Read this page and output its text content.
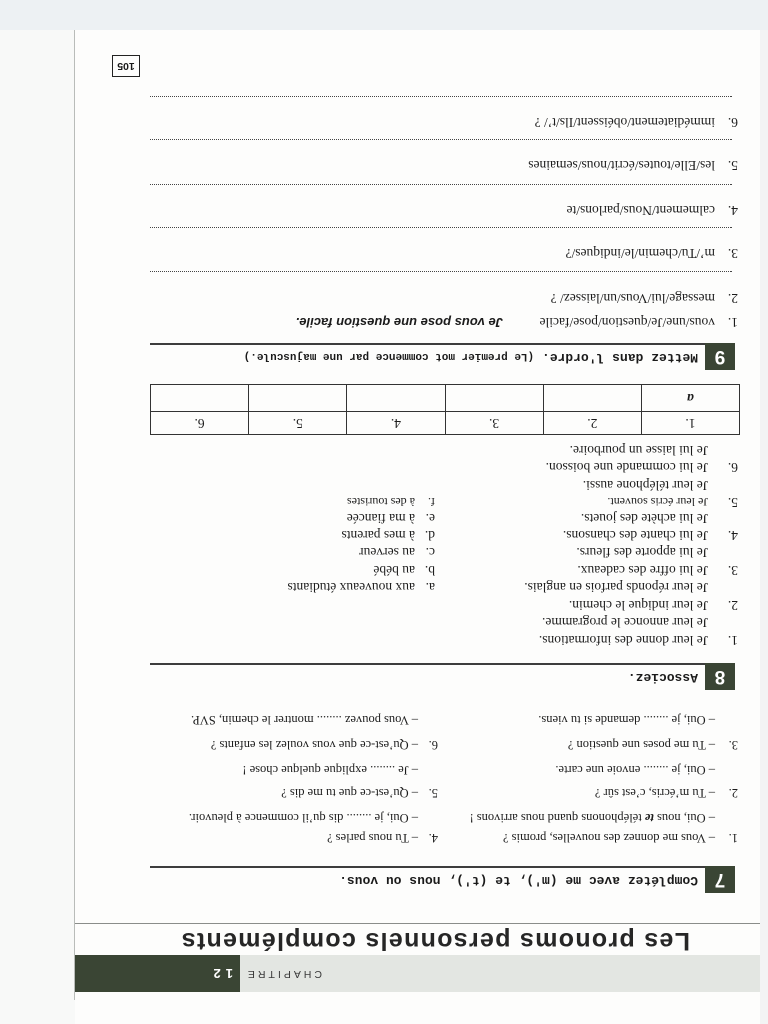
CHAPITRE
12
Les pronoms personnels compléments
7
Complétez avec me (m'), te (t'), nous ou vous.
1.
– Vous me donnez des nouvelles, promis ?
– Oui, nous te téléphonons quand nous arrivons !
2.
– Tu m’écris, c’est sûr ?
– Oui, je ........ envoie une carte.
3.
– Tu me poses une question ?
– Oui, je ........ demande si tu viens.
4.
– Tu nous parles ?
– Oui, je ........ dis qu’il commence à pleuvoir.
5.
– Qu’est-ce que tu me dis ?
– Je ........ explique quelque chose !
6.
– Qu’est-ce que vous voulez les enfants ?
– Vous pouvez ........ montrer le chemin, SVP.
8
Associez.
1.
Je leur donne des informations.
Je leur annonce le programme.
2.
Je leur indique le chemin.
Je leur réponds parfois en anglais.
3.
Je lui offre des cadeaux.
Je lui apporte des fleurs.
4.
Je lui chante des chansons.
Je lui achète des jouets.
5.
Je leur écris souvent.
Je leur téléphone aussi.
6.
Je lui commande une boisson.
Je lui laisse un pourboire.
a.
aux nouveaux étudiants
b.
au bébé
c.
au serveur
d.
à mes parents
e.
à ma fiancée
f.
à des touristes
1.	2.	3.	4.	5.	6.
a					
9
Mettez dans l'ordre. (Le premier mot commence par une majuscule.)
1.
vous/une/Je/question/pose/facile
Je vous pose une question facile.
2.
message/lui/Vous/un/laissez/ ?
3.
m’/Tu/chemin/le/indiques/?
4.
calmement/Nous/parlons/te
5.
les/Elle/toutes/écrit/nous/semaines
6.
immédiatement/obéissent/Ils/t’/ ?
105
